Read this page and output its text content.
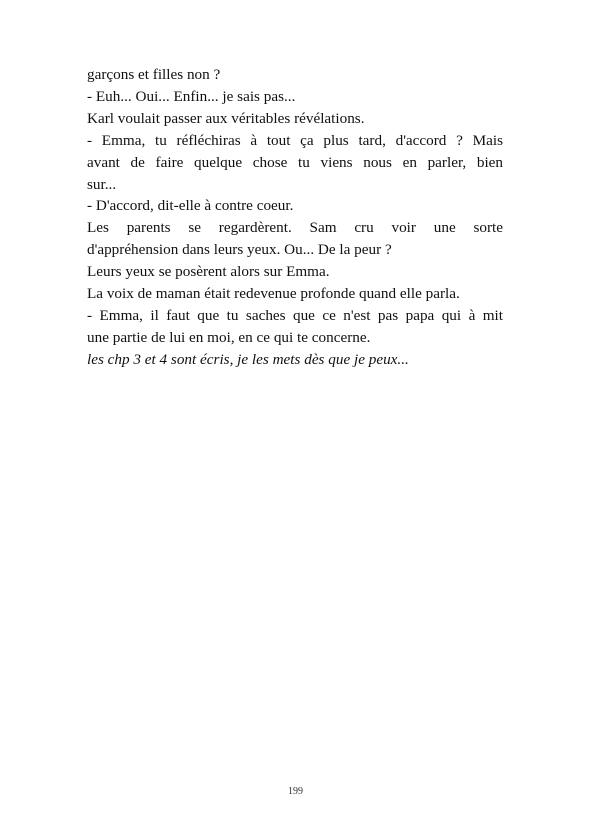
garçons et filles non ?
- Euh... Oui... Enfin... je sais pas...
Karl voulait passer aux véritables révélations.
- Emma, tu réfléchiras à tout ça plus tard, d'accord ? Mais
avant de faire quelque chose tu viens nous en parler, bien
sur...
- D'accord, dit-elle à contre coeur.
Les parents se regardèrent. Sam cru voir une sorte
d'appréhension dans leurs yeux. Ou... De la peur ?
Leurs yeux se posèrent alors sur Emma.
La voix de maman était redevenue profonde quand elle parla.
- Emma, il faut que tu saches que ce n'est pas papa qui à mit
une partie de lui en moi, en ce qui te concerne.
les chp 3 et 4 sont écris, je les mets dès que je peux...
199
